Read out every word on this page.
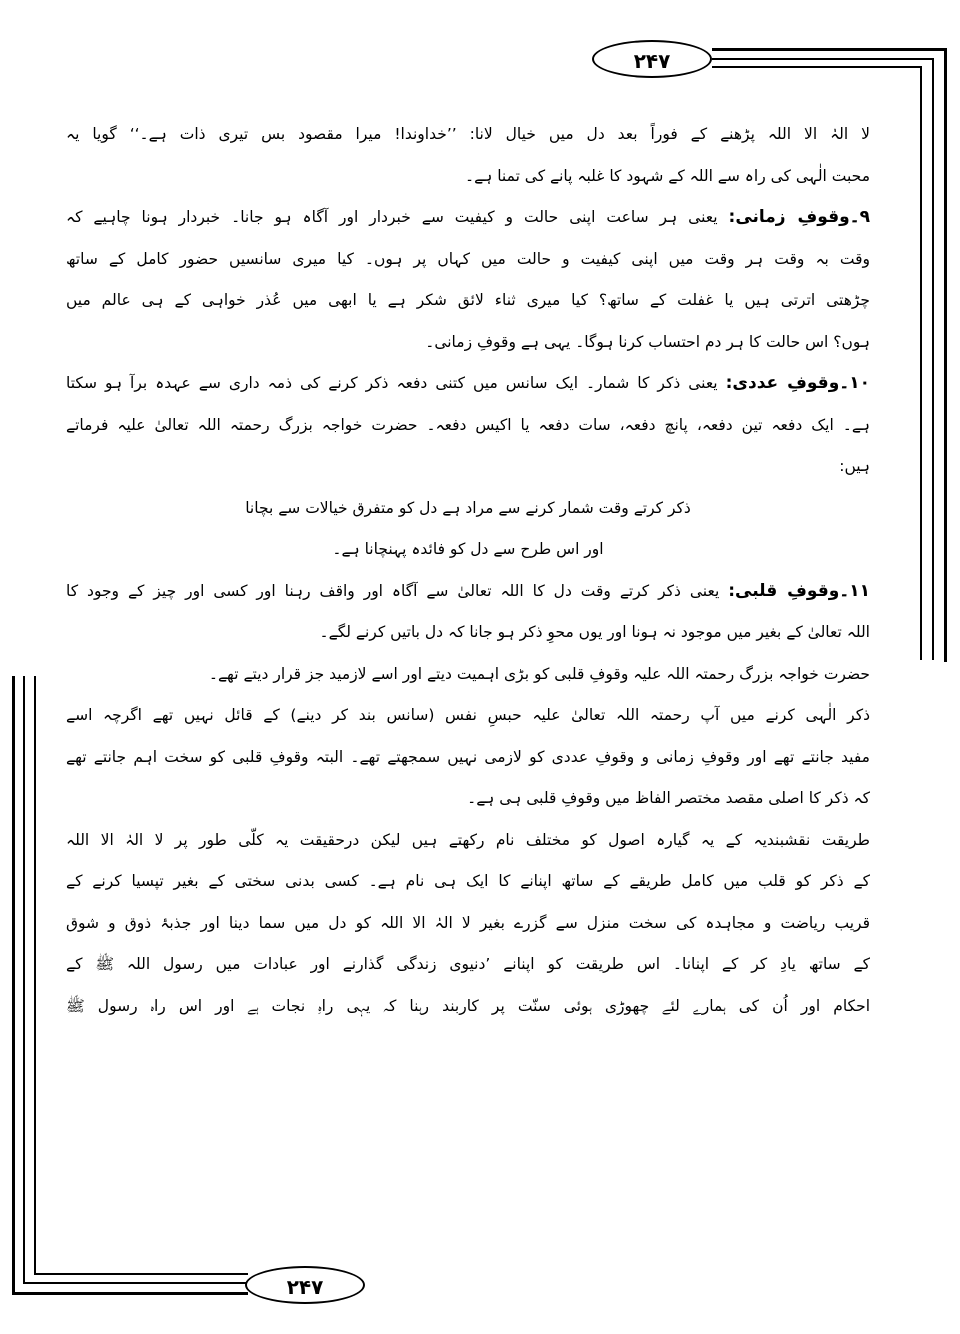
۲۴۷
۲۴۷
لا الہٰ الا اللہ پڑھنے کے فوراً بعد دل میں خیال لانا: ’’خداوندا! میرا مقصود بس تیری ذات ہے۔‘‘ گویا یہ
محبت الٰہی کی راہ سے اللہ کے شہود کا غلبہ پانے کی تمنا ہے۔
۹۔وقوفِ زمانی: یعنی ہر ساعت اپنی حالت و کیفیت سے خبردار اور آگاہ ہو جانا۔ خبردار ہونا چاہیے کہ
وقت بہ وقت ہر وقت میں اپنی کیفیت و حالت میں کہاں پر ہوں۔ کیا میری سانسیں حضور کامل کے ساتھ
چڑھتی اترتی ہیں یا غفلت کے ساتھ؟ کیا میری ثناء لائق شکر ہے یا ابھی میں عُذر خواہی کے ہی عالم میں
ہوں؟ اس حالت کا ہر دم احتساب کرنا ہوگا۔ یہی ہے وقوفِ زمانی۔
۱۰۔وقوفِ عددی: یعنی ذکر کا شمار۔ ایک سانس میں کتنی دفعہ ذکر کرنے کی ذمہ داری سے عہدہ برآ ہو سکتا
ہے۔ ایک دفعہ تین دفعہ، پانچ دفعہ، سات دفعہ یا اکیس دفعہ۔ حضرت خواجہ بزرگ رحمتہ اللہ تعالیٰ علیہ فرماتے
ہیں:
ذکر کرتے وقت شمار کرنے سے مراد ہے دل کو متفرق خیالات سے بچانا
اور اس طرح سے دل کو فائدہ پہنچانا ہے۔
۱۱۔وقوفِ قلبی: یعنی ذکر کرتے وقت دل کا اللہ تعالیٰ سے آگاہ اور واقف رہنا اور کسی اور چیز کے وجود کا
اللہ تعالیٰ کے بغیر میں موجود نہ ہونا اور یوں محوِ ذکر ہو جانا کہ دل باتیں کرنے لگے۔
حضرت خواجہ بزرگ رحمتہ اللہ علیہ وقوفِ قلبی کو بڑی اہمیت دیتے اور اسے لازمید جز قرار دیتے تھے۔
ذکر الٰہی کرنے میں آپ رحمتہ اللہ تعالیٰ علیہ حبسِ نفس (سانس بند کر دینے) کے قائل نہیں تھے اگرچہ اسے
مفید جانتے تھے اور وقوفِ زمانی و وقوفِ عددی کو لازمی نہیں سمجھتے تھے۔ البتہ وقوفِ قلبی کو سخت اہم جانتے تھے
کہ ذکر کا اصلی مقصد مختصر الفاظ میں وقوفِ قلبی ہی ہے۔
طریقت نقشبندیہ کے یہ گیارہ اصول کو مختلف نام رکھتے ہیں لیکن درحقیقت یہ کلّی طور پر لا الہٰ الا اللہ
کے ذکر کو قلب میں کامل طریقے کے ساتھ اپنانے کا ایک ہی نام ہے۔ کسی بدنی سختی کے بغیر تپسیا کرنے کے
قریب ریاضت و مجاہدہ کی سخت منزل سے گزرے بغیر لا الہٰ الا اللہ کو دل میں سما دینا اور جذبۂ ذوق و شوق
کے ساتھ یادِ کر کے اپنانا۔ اس طریقت کو اپنانے ’دنیوی زندگی گذارنے اور عبادات میں رسول اللہ ﷺ کے
احکام اور اُن کی ہمارے لئے چھوڑی ہوئی سنّت پر کاربند رہنا کہ یہی راہِ نجات ہے اور اس راہ رسول ﷺ
